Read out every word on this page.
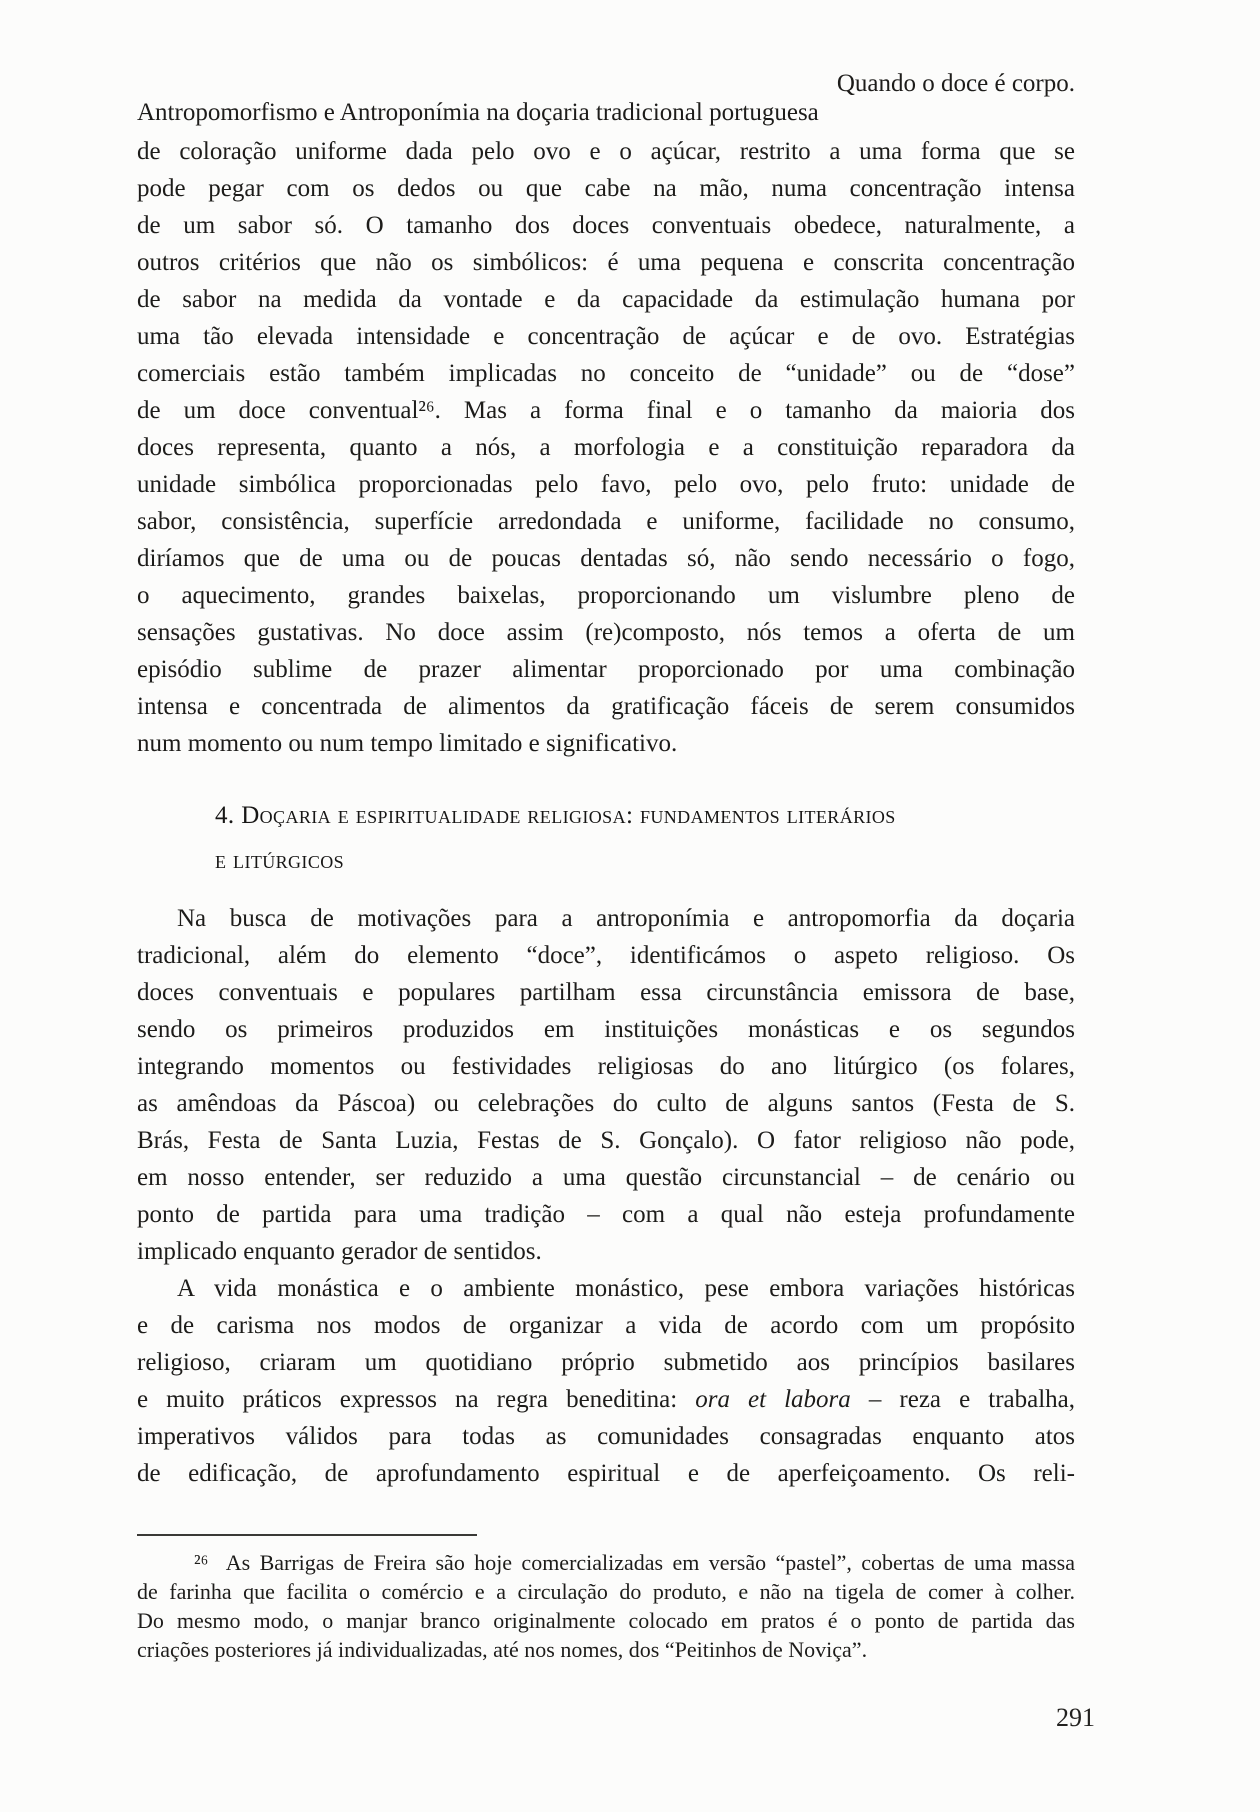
Quando o doce é corpo.
Antropomorfismo e Antroponímia na doçaria tradicional portuguesa
de coloração uniforme dada pelo ovo e o açúcar, restrito a uma forma que se
pode pegar com os dedos ou que cabe na mão, numa concentração intensa
de um sabor só. O tamanho dos doces conventuais obedece, naturalmente, a
outros critérios que não os simbólicos: é uma pequena e conscrita concentração
de sabor na medida da vontade e da capacidade da estimulação humana por
uma tão elevada intensidade e concentração de açúcar e de ovo. Estratégias
comerciais estão também implicadas no conceito de “unidade” ou de “dose”
de um doce conventual²⁶. Mas a forma final e o tamanho da maioria dos
doces representa, quanto a nós, a morfologia e a constituição reparadora da
unidade simbólica proporcionadas pelo favo, pelo ovo, pelo fruto: unidade de
sabor, consistência, superfície arredondada e uniforme, facilidade no consumo,
diríamos que de uma ou de poucas dentadas só, não sendo necessário o fogo,
o aquecimento, grandes baixelas, proporcionando um vislumbre pleno de
sensações gustativas. No doce assim (re)composto, nós temos a oferta de um
episódio sublime de prazer alimentar proporcionado por uma combinação
intensa e concentrada de alimentos da gratificação fáceis de serem consumidos
num momento ou num tempo limitado e significativo.
4. Doçaria e espiritualidade religiosa: fundamentos literários
e litúrgicos
Na busca de motivações para a antroponímia e antropomorfia da doçaria
tradicional, além do elemento “doce”, identificámos o aspeto religioso. Os
doces conventuais e populares partilham essa circunstância emissora de base,
sendo os primeiros produzidos em instituições monásticas e os segundos
integrando momentos ou festividades religiosas do ano litúrgico (os folares,
as amêndoas da Páscoa) ou celebrações do culto de alguns santos (Festa de S.
Brás, Festa de Santa Luzia, Festas de S. Gonçalo). O fator religioso não pode,
em nosso entender, ser reduzido a uma questão circunstancial – de cenário ou
ponto de partida para uma tradição – com a qual não esteja profundamente
implicado enquanto gerador de sentidos.
A vida monástica e o ambiente monástico, pese embora variações históricas
e de carisma nos modos de organizar a vida de acordo com um propósito
religioso, criaram um quotidiano próprio submetido aos princípios basilares
e muito práticos expressos na regra beneditina: ora et labora – reza e trabalha,
imperativos válidos para todas as comunidades consagradas enquanto atos
de edificação, de aprofundamento espiritual e de aperfeiçoamento. Os reli-
²⁶  As Barrigas de Freira são hoje comercializadas em versão “pastel”, cobertas de uma massa
de farinha que facilita o comércio e a circulação do produto, e não na tigela de comer à colher.
Do mesmo modo, o manjar branco originalmente colocado em pratos é o ponto de partida das
criações posteriores já individualizadas, até nos nomes, dos “Peitinhos de Noviça”.
291
